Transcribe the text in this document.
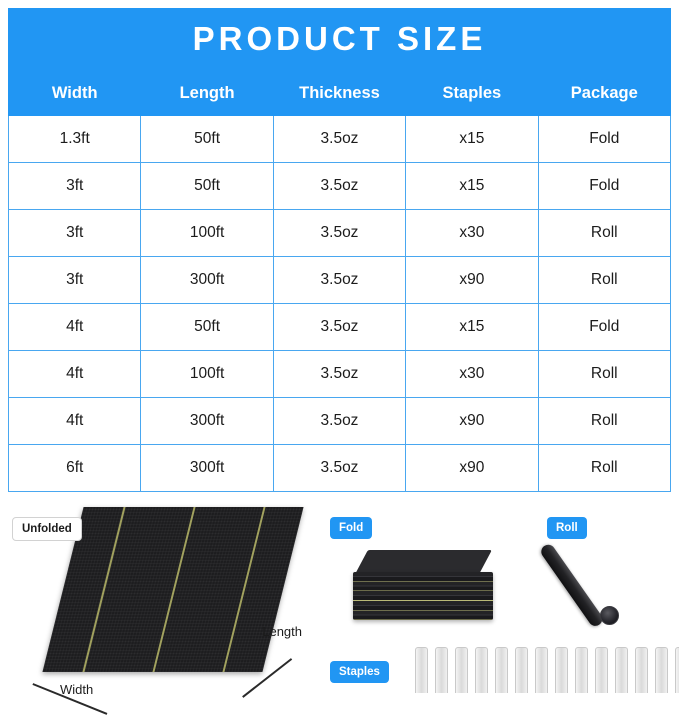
PRODUCT SIZE
Width	Length	Thickness	Staples	Package
1.3ft	50ft	3.5oz	x15	Fold
3ft	50ft	3.5oz	x15	Fold
3ft	100ft	3.5oz	x30	Roll
3ft	300ft	3.5oz	x90	Roll
4ft	50ft	3.5oz	x15	Fold
4ft	100ft	3.5oz	x30	Roll
4ft	300ft	3.5oz	x90	Roll
6ft	300ft	3.5oz	x90	Roll
Unfolded
Length
Width
Fold	Roll
Staples
